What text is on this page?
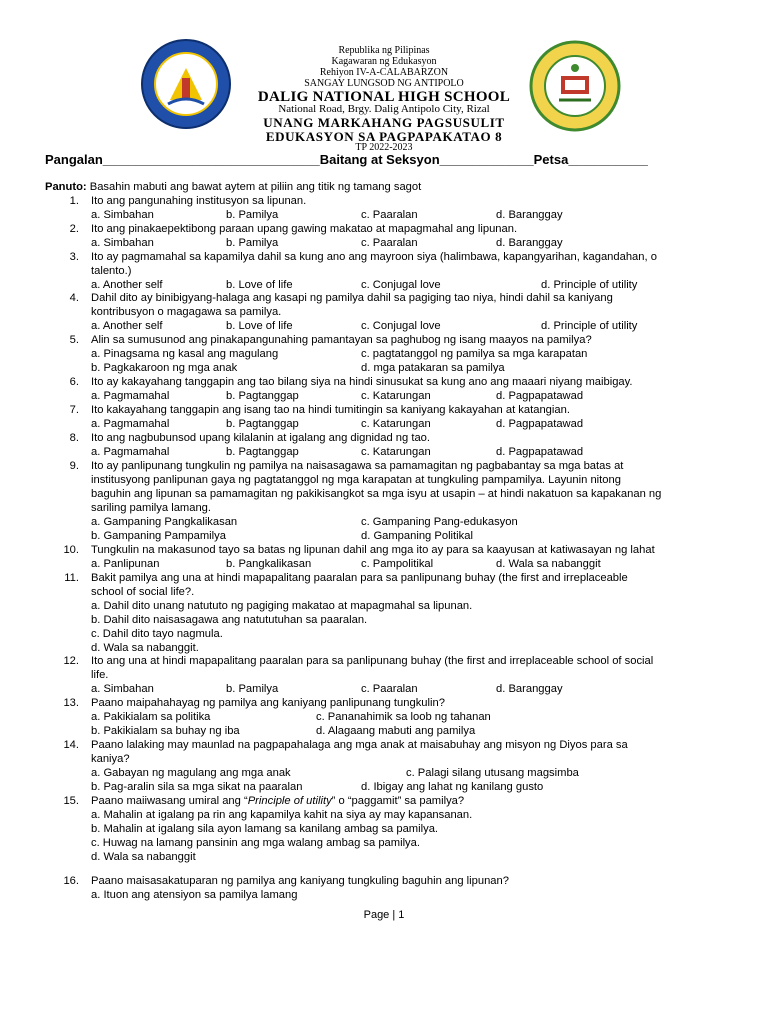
Republika ng Pilipinas
Kagawaran ng Edukasyon
Rehiyon IV-A-CALABARZON
SANGAY LUNGSOD NG ANTIPOLO
DALIG NATIONAL HIGH SCHOOL
National Road, Brgy. Dalig Antipolo City, Rizal
UNANG MARKAHANG PAGSUSULIT
EDUKASYON SA PAGPAPAKATAO 8
TP 2022-2023
Pangalan______________________________Baitang at Seksyon_____________Petsa___________
Panuto: Basahin mabuti ang bawat aytem at piliin ang titik ng tamang sagot
1. Ito ang pangunahing institusyon sa lipunan.
a. Simbahan	b. Pamilya	c. Paaralan	d. Baranggay
2. Ito ang pinakaepektibong paraan upang gawing makatao at mapagmahal ang lipunan.
a. Simbahan	b. Pamilya	c. Paaralan	d. Baranggay
3. Ito ay pagmamahal sa kapamilya dahil sa kung ano ang mayroon siya (halimbawa, kapangyarihan, kagandahan, o
talento.)
a. Another self	b. Love of life	c. Conjugal love	d. Principle of utility
4. Dahil dito ay binibigyang-halaga ang kasapi ng pamilya dahil sa pagiging tao niya, hindi dahil sa kaniyang
kontribusyon o magagawa sa pamilya.
a. Another self	b. Love of life	c. Conjugal love	d. Principle of utility
5. Alin sa sumusunod ang pinakapangunahing pamantayan sa paghubog ng isang maayos na pamilya?
a. Pinagsama ng kasal ang magulang	c. pagtatanggol ng pamilya sa mga karapatan
b. Pagkakaroon ng mga anak	d. mga patakaran sa pamilya
6. Ito ay kakayahang tanggapin ang tao bilang siya na hindi sinusukat sa kung ano ang maaari niyang maibigay.
a. Pagmamahal	b. Pagtanggap	c. Katarungan	d. Pagpapatawad
7. Ito kakayahang tanggapin ang isang tao na hindi tumitingin sa kaniyang kakayahan at katangian.
a. Pagmamahal	b. Pagtanggap	c. Katarungan	d. Pagpapatawad
8. Ito ang nagbubunsod upang kilalanin at igalang ang dignidad ng tao.
a. Pagmamahal	b. Pagtanggap	c. Katarungan	d. Pagpapatawad
9. Ito ay panlipunang tungkulin ng pamilya na naisasagawa sa pamamagitan ng pagbabantay sa mga batas at
institusyong panlipunan gaya ng pagtatanggol ng mga karapatan at tungkuling pampamilya. Layunin nitong
baguhin ang lipunan sa pamamagitan ng pakikisangkot sa mga isyu at usapin – at hindi nakatuon sa kapakanan ng
sariling pamilya lamang.
a. Gampaning Pangkalikasan	c. Gampaning Pang-edukasyon
b. Gampaning Pampamilya	d. Gampaning Politikal
10. Tungkulin na makasunod tayo sa batas ng lipunan dahil ang mga ito ay para sa kaayusan at katiwasayan ng lahat
a. Panlipunan	b. Pangkalikasan	c. Pampolitikal	d. Wala sa nabanggit
11. Bakit pamilya ang una at hindi mapapalitang paaralan para sa panlipunang buhay (the first and irreplaceable
school of social life?.
a. Dahil dito unang natututo ng pagiging makatao at mapagmahal sa lipunan.
b. Dahil dito naisasagawa ang natututuhan sa paaralan.
c. Dahil dito tayo nagmula.
d. Wala sa nabanggit.
12. Ito ang una at hindi mapapalitang paaralan para sa panlipunang buhay (the first and irreplaceable school of social
life.
a. Simbahan	b. Pamilya	c. Paaralan	d. Baranggay
13. Paano maipahahayag ng pamilya ang kaniyang panlipunang tungkulin?
a. Pakikialam sa politika	c. Pananahimik sa loob ng tahanan
b. Pakikialam sa buhay ng iba	d. Alagaang mabuti ang pamilya
14. Paano lalaking may maunlad na pagpapahalaga ang mga anak at maisabuhay ang misyon ng Diyos para sa
kaniya?
a. Gabayan ng magulang ang mga anak	c. Palagi silang utusang magsimba
b. Pag-aralin sila sa mga sikat na paaralan	d. Ibigay ang lahat ng kanilang gusto
15. Paano maiiwasang umiral ang “Principle of utility” o “paggamit” sa pamilya?
a. Mahalin at igalang pa rin ang kapamilya kahit na siya ay may kapansanan.
b. Mahalin at igalang sila ayon lamang sa kanilang ambag sa pamilya.
c. Huwag na lamang pansinin ang mga walang ambag sa pamilya.
d. Wala sa nabanggit
16. Paano maisasakatuparan ng pamilya ang kaniyang tungkuling baguhin ang lipunan?
a. Ituon ang atensiyon sa pamilya lamang
Page | 1
